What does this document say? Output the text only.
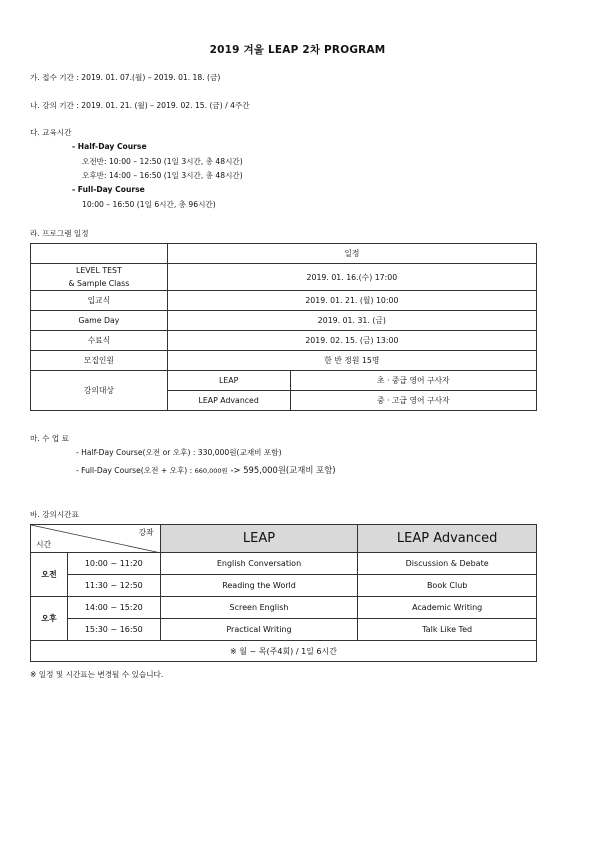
2019 겨울 LEAP 2차 PROGRAM
가. 접수 기간 : 2019. 01. 07.(월) – 2019. 01. 18. (금)
나. 강의 기간 : 2019. 01. 21. (월) – 2019. 02. 15. (금) / 4주간
다. 교육시간
- Half-Day Course
오전반: 10:00 – 12:50 (1일 3시간, 총 48시간)
오후반: 14:00 – 16:50 (1일 3시간, 총 48시간)
- Full-Day Course
10:00 – 16:50 (1일 6시간, 총 96시간)
라. 프로그램 일정
	일정	

LEVEL TEST
& Sample Class	2019. 01. 16.(수) 17:00	
입교식	2019. 01. 21. (월) 10:00	
Game Day	2019. 01. 31. (금)	
수료식	2019. 02. 15. (금) 13:00	
모집인원	한 반 정원 15명	
강의대상	LEAP	초 · 중급 영어 구사자
	LEAP Advanced	중 · 고급 영어 구사자
마. 수 업 료
- Half-Day Course(오전 or 오후) : 330,000원(교재비 포함)
- Full-Day Course(오전 + 오후) : 660,000원 -> 595,000원(교재비 포함)
바. 강의시간표
강좌
시간		LEAP	LEAP Advanced
오전	10:00 ~ 11:20	English Conversation	Discussion & Debate
	11:30 ~ 12:50	Reading the World	Book Club
오후	14:00 ~ 15:20	Screen English	Academic Writing
	15:30 ~ 16:50	Practical Writing	Talk Like Ted
※ 월 ~ 목(주4회) / 1일 6시간			
※ 일정 및 시간표는 변경될 수 있습니다.
